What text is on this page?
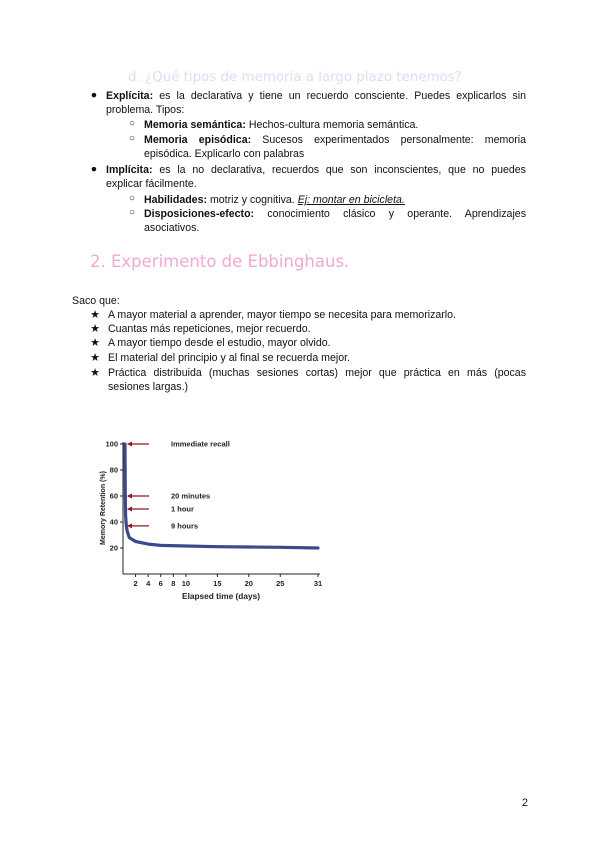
d. ¿Qué tipos de memoria a largo plazo tenemos?
● Explícita: es la declarativa y tiene un recuerdo consciente. Puedes explicarlos sin
problema. Tipos:
○ Memoria semántica: Hechos-cultura memoria semántica.
○ Memoria episódica: Sucesos experimentados personalmente: memoria
episódica. Explicarlo con palabras
● Implícita: es la no declarativa, recuerdos que son inconscientes, que no puedes
explicar fácilmente.
○ Habilidades: motriz y cognitiva. Ej: montar en bicicleta.
○ Disposiciones-efecto: conocimiento clásico y operante. Aprendizajes
asociativos.
2. Experimento de Ebbinghaus.
Saco que:
★ A mayor material a aprender, mayor tiempo se necesita para memorizarlo.
★ Cuantas más repeticiones, mejor recuerdo.
★ A mayor tiempo desde el estudio, mayor olvido.
★ El material del principio y al final se recuerda mejor.
★ Práctica distribuida (muchas sesiones cortas) mejor que práctica en más (pocas
sesiones largas.)
20
40
60
80
100
2 4 6 8 10	15	20	25	31
Immediate recall
20 minutes
1 hour
9 hours
Elapsed time (days)
Memory Retention (%)
2
